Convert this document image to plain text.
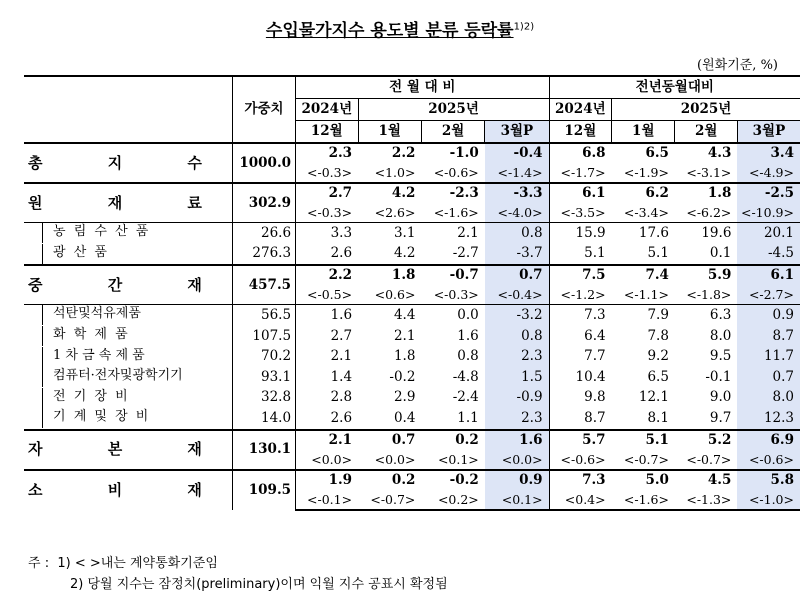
수입물가지수 용도별 분류 등락률$^{1)2)}$
(원화기준, %)
	가중치	전 월 대 비				전년동월대비			
		2024년	2025년			2024년	2025년		
		12월	1월	2월	3월P	12월	1월	2월	3월P
총 지 수	1000.0	2.3	2.2	-1.0	-0.4	6.8	6.5	4.3	3.4
		<-0.3>	<1.0>	<-0.6>	<-1.4>	<-1.7>	<-1.9>	<-3.1>	<-4.9>
원 재 료	302.9	2.7	4.2	-2.3	-3.3	6.1	6.2	1.8	-2.5
		<-0.3>	<2.6>	<-1.6>	<-4.0>	<-3.5>	<-3.4>	<-6.2>	<-10.9>
농 림 수 산 품	26.6	3.3	3.1	2.1	0.8	15.9	17.6	19.6	20.1
광 산 품	276.3	2.6	4.2	-2.7	-3.7	5.1	5.1	0.1	-4.5
중 간 재	457.5	2.2	1.8	-0.7	0.7	7.5	7.4	5.9	6.1
		<-0.5>	<0.6>	<-0.3>	<-0.4>	<-1.2>	<-1.1>	<-1.8>	<-2.7>
석탄및석유제품	56.5	1.6	4.4	0.0	-3.2	7.3	7.9	6.3	0.9
화 학 제 품	107.5	2.7	2.1	1.6	0.8	6.4	7.8	8.0	8.7
1 차 금 속 제 품	70.2	2.1	1.8	0.8	2.3	7.7	9.2	9.5	11.7
컴퓨터·전자및광학기기	93.1	1.4	-0.2	-4.8	1.5	10.4	6.5	-0.1	0.7
전 기 장 비	32.8	2.8	2.9	-2.4	-0.9	9.8	12.1	9.0	8.0
기 계 및 장 비	14.0	2.6	0.4	1.1	2.3	8.7	8.1	9.7	12.3
자 본 재	130.1	2.1	0.7	0.2	1.6	5.7	5.1	5.2	6.9
		<0.0>	<0.0>	<0.1>	<0.0>	<-0.6>	<-0.7>	<-0.7>	<-0.6>
소 비 재	109.5	1.9	0.2	-0.2	0.9	7.3	5.0	4.5	5.8
		<-0.1>	<-0.7>	<0.2>	<0.1>	<0.4>	<-1.6>	<-1.3>	<-1.0>
주 : 1) < >내는 계약통화기준임
2) 당월 지수는 잠정치(preliminary)이며 익월 지수 공표시 확정됨
